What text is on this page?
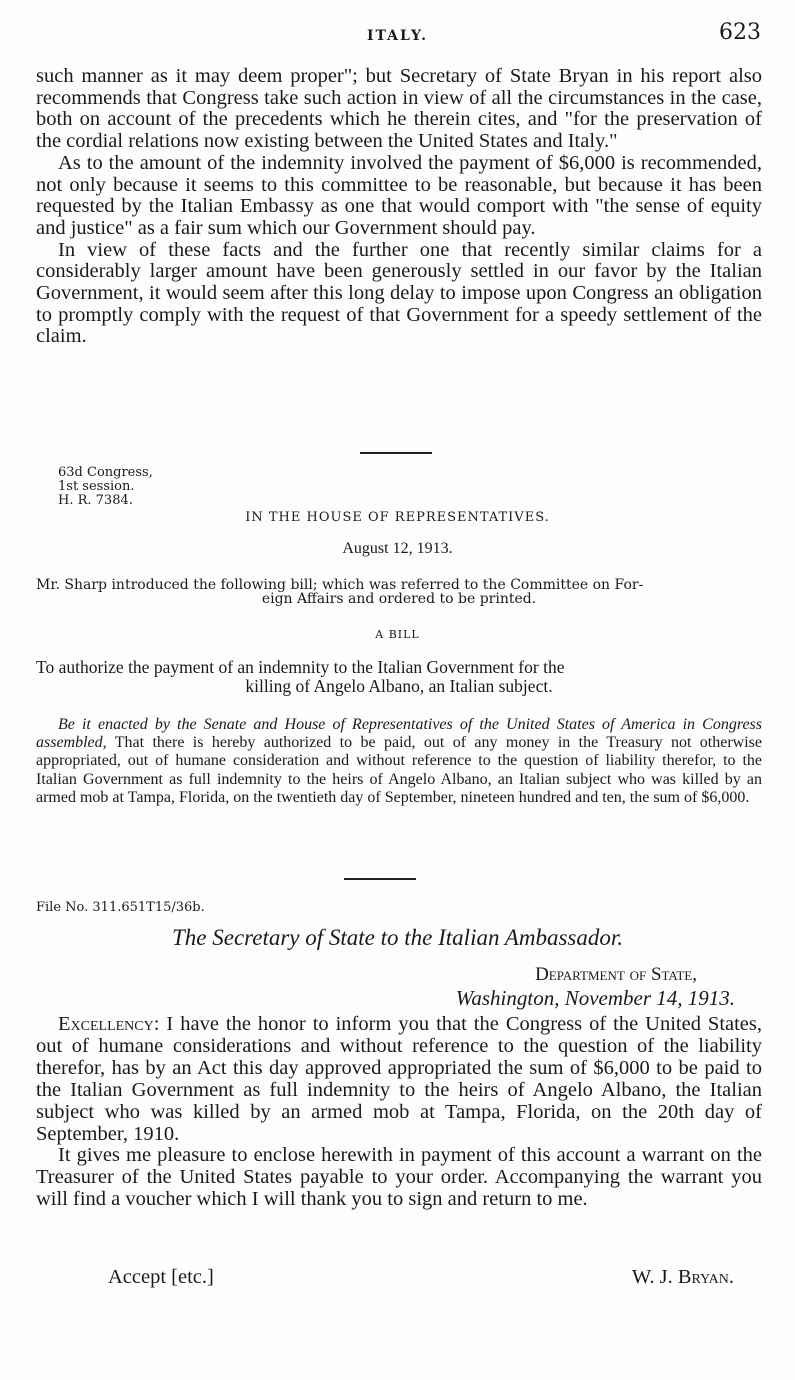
ITALY.	623

such manner as it may deem proper"; but Secretary of State Bryan in his report also recommends that Congress take such action in view of all the circumstances in the case, both on account of the precedents which he therein cites, and "for the preservation of the cordial relations now existing between the United States and Italy."

As to the amount of the indemnity involved the payment of $6,000 is recommended, not only because it seems to this committee to be reasonable, but because it has been requested by the Italian Embassy as one that would comport with "the sense of equity and justice" as a fair sum which our Government should pay.

In view of these facts and the further one that recently similar claims for a considerably larger amount have been generously settled in our favor by the Italian Government, it would seem after this long delay to impose upon Congress an obligation to promptly comply with the request of that Government for a speedy settlement of the claim.

63d Congress,
1st session.
H. R. 7384.
IN THE HOUSE OF REPRESENTATIVES.
August 12, 1913.
Mr. Sharp introduced the following bill; which was referred to the Committee on For-
eign Affairs and ordered to be printed.
A BILL
To authorize the payment of an indemnity to the Italian Government for the
killing of Angelo Albano, an Italian subject.
Be it enacted by the Senate and House of Representatives of the United States of America in Congress assembled, That there is hereby authorized to be paid, out of any money in the Treasury not otherwise appropriated, out of humane consideration and without reference to the question of liability therefor, to the Italian Government as full indemnity to the heirs of Angelo Albano, an Italian subject who was killed by an armed mob at Tampa, Florida, on the twentieth day of September, nineteen hundred and ten, the sum of $6,000.
File No. 311.651T15/36b.
The Secretary of State to the Italian Ambassador.
Department of State,
Washington, November 14, 1913.

Excellency: I have the honor to inform you that the Congress of the United States, out of humane considerations and without reference to the question of the liability therefor, has by an Act this day approved appropriated the sum of $6,000 to be paid to the Italian Government as full indemnity to the heirs of Angelo Albano, the Italian subject who was killed by an armed mob at Tampa, Florida, on the 20th day of September, 1910.

It gives me pleasure to enclose herewith in payment of this account a warrant on the Treasurer of the United States payable to your order. Accompanying the warrant you will find a voucher which I will thank you to sign and return to me.

Accept [etc.]	W. J. Bryan.
